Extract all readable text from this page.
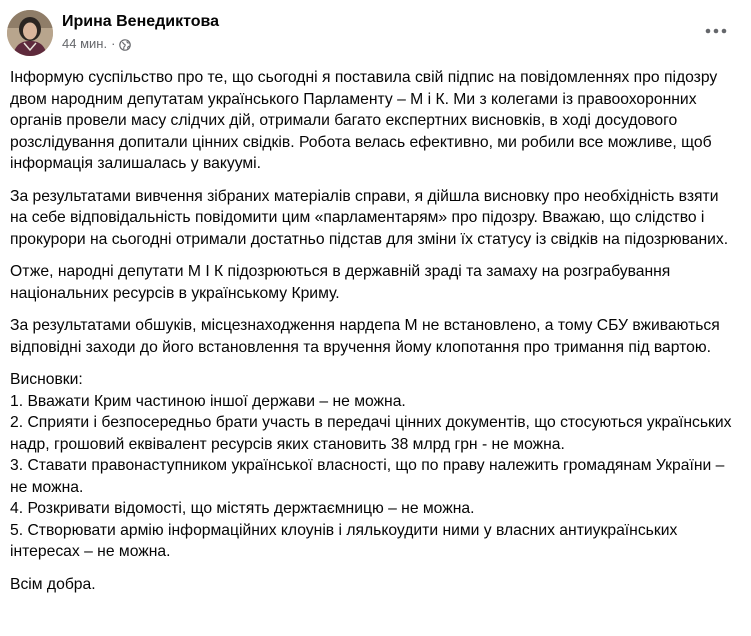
Ирина Венедиктова
44 мин. ·

Інформую суспільство про те, що сьогодні я поставила свій підпис на повідомленнях про підозру двом народним депутатам українського Парламенту – М і К. Ми з колегами із правоохоронних органів провели масу слідчих дій, отримали багато експертних висновків, в ході досудового розслідування допитали цінних свідків. Робота велась ефективно, ми робили все можливе, щоб інформація залишалась у вакуумі.

За результатами вивчення зібраних матеріалів справи, я дійшла висновку про необхідність взяти на себе відповідальність повідомити цим «парламентарям» про підозру. Вважаю, що слідство і прокурори на сьогодні отримали достатньо підстав для зміни їх статусу із свідків на підозрюваних.

Отже, народні депутати М І К підозрюються в державній зраді та замаху на розграбування національних ресурсів в українському Криму.

За результатами обшуків, місцезнаходження нардепа М не встановлено, а тому СБУ вживаються відповідні заходи до його встановлення та вручення йому клопотання про тримання під вартою.

Висновки:
1. Вважати Крим частиною іншої держави – не можна.
2. Сприяти і безпосередньо брати участь в передачі цінних документів, що стосуються українських надр, грошовий еквівалент ресурсів яких становить 38 млрд грн - не можна.
3. Ставати правонаступником української власності, що по праву належить громадянам України – не можна.
4. Розкривати відомості, що містять держтаємницю – не можна.
5. Створювати армію інформаційних клоунів і лялькоудити ними у власних антиукраїнських інтересах – не можна.

Всім добра.
